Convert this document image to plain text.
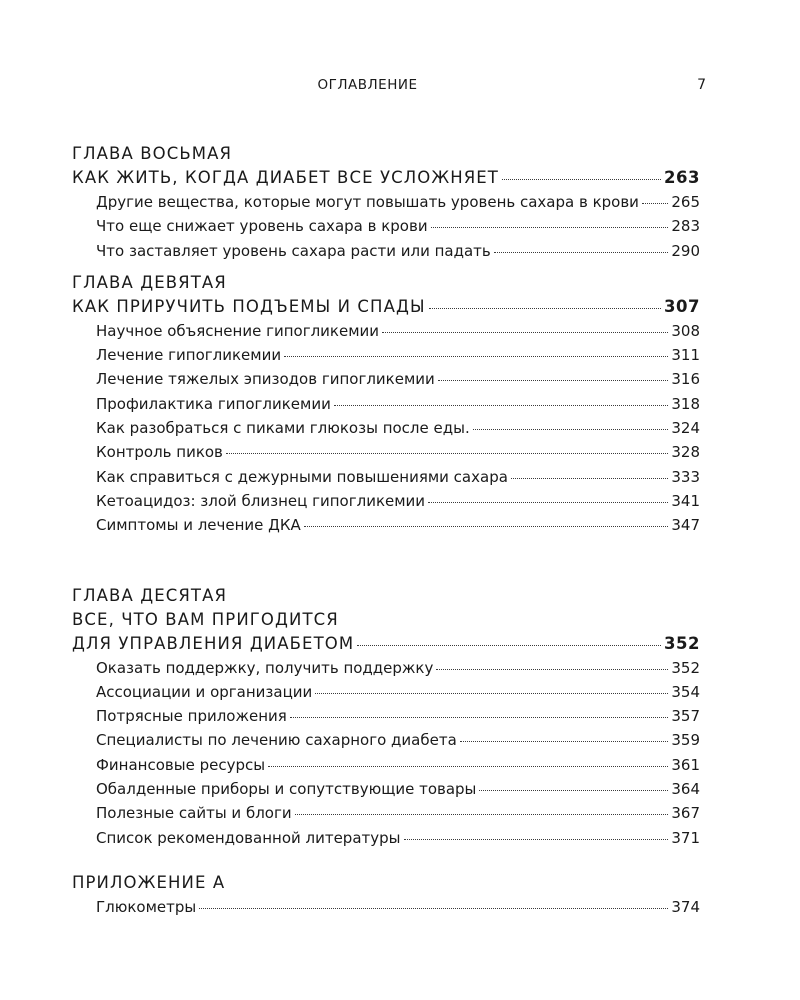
ОГЛАВЛЕНИЕ	7
ГЛАВА ВОСЬМАЯ
КАК ЖИТЬ, КОГДА ДИАБЕТ ВСЕ УСЛОЖНЯЕТ	263
Другие вещества, которые могут повышать уровень сахара в крови 265
Что еще снижает уровень сахара в крови	283
Что заставляет уровень сахара расти или падать	290
ГЛАВА ДЕВЯТАЯ
КАК ПРИРУЧИТЬ ПОДЪЕМЫ И СПАДЫ	307
Научное объяснение гипогликемии	308
Лечение гипогликемии	311
Лечение тяжелых эпизодов гипогликемии	316
Профилактика гипогликемии	318
Как разобраться с пиками глюкозы после еды.	324
Контроль пиков	328
Как справиться с дежурными повышениями сахара	333
Кетоацидоз: злой близнец гипогликемии	341
Симптомы и лечение ДКА	347
ГЛАВА ДЕСЯТАЯ
ВСЕ, ЧТО ВАМ ПРИГОДИТСЯ
ДЛЯ УПРАВЛЕНИЯ ДИАБЕТОМ	352
Оказать поддержку, получить поддержку	352
Ассоциации и организации	354
Потрясные приложения	357
Специалисты по лечению сахарного диабета	359
Финансовые ресурсы	361
Обалденные приборы и сопутствующие товары	364
Полезные сайты и блоги	367
Список рекомендованной литературы	371
ПРИЛОЖЕНИЕ А
Глюкометры	374
